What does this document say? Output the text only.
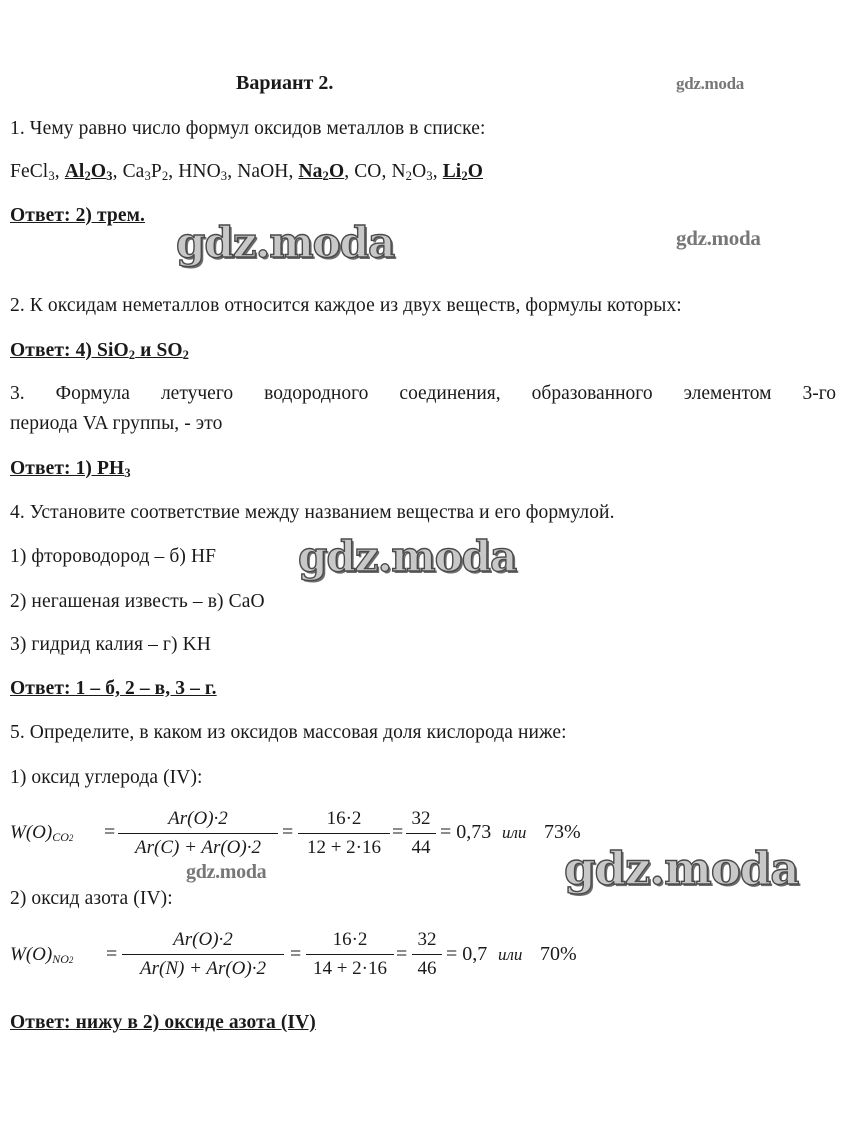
Вариант 2.	gdz.moda
gdz.moda	gdz.moda
gdz.moda
gdz.moda
gdz.moda
1. Чему равно число формул оксидов металлов в списке:
FeCl$_3$, $Al_2O_3$, $Ca_3P_2$, $HNO_3$, NaOH, $Na_2O$, CO, $N_2O_3$, $Li_2O$
Ответ: 2) трем.
2. К оксидам неметаллов относится каждое из двух веществ, формулы которых:
Ответ: 4) SiO$_2$ и $SO_2$
3. Формула летучего водородного соединения, образованного элементом 3-го
периода VA группы, - это
Ответ: 1) $PH_3$
4. Установите соответствие между названием вещества и его формулой.
1) фтороводород – б) HF
2) негашеная известь – в) CaO
3) гидрид калия – г) KH
Ответ: 1 – б, 2 – в, 3 – г.
5. Определите, в каком из оксидов массовая доля кислорода ниже:
1) оксид углерода (IV):
$W(O)_{CO2}$ =
Ar(O)·2
Ar(C) + Ar(O)·2
=
16·2
12 + 2·16
=
32
44
= 0,73 или 73%
2) оксид азота (IV):
$W(O)_{NO2}$ =
Ar(O)·2
Ar(N) + Ar(O)·2
=
16·2
14 + 2·16
=
32
46
= 0,7 или 70%
Ответ: нижу в 2) оксиде азота (IV)
